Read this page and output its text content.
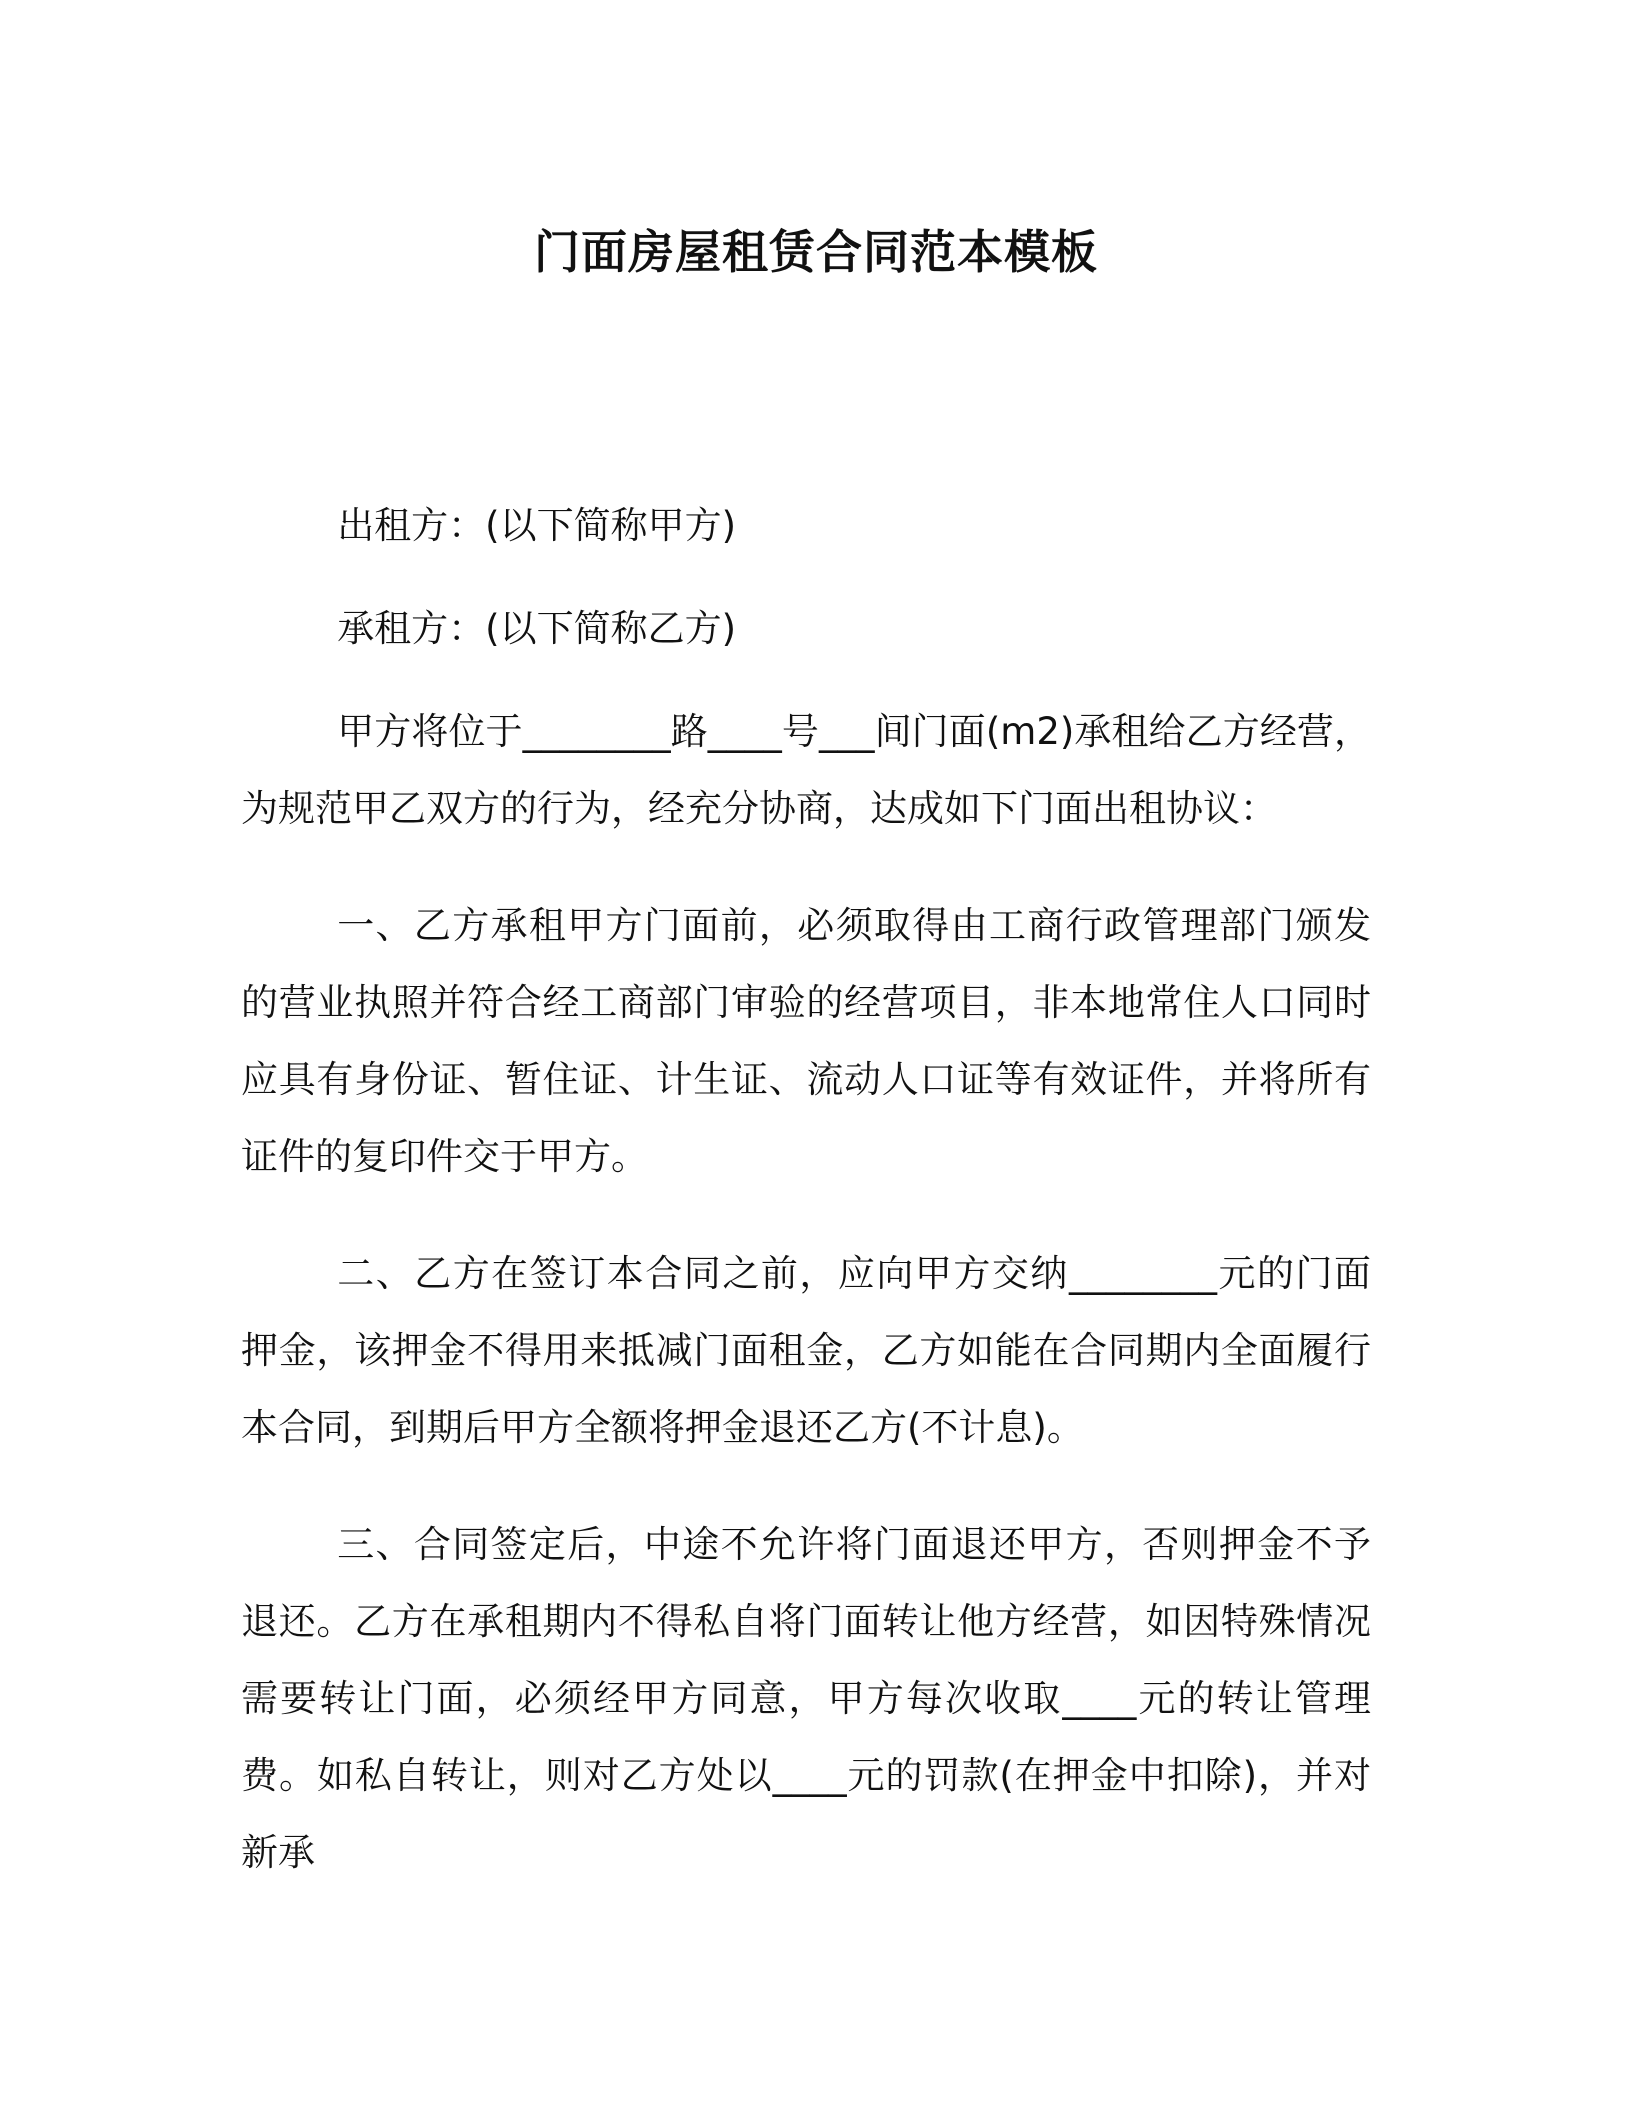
门面房屋租赁合同范本模板

出租方：(以下简称甲方)

承租方：(以下简称乙方)

甲方将位于________路____号___间门面(m2)承租给乙方经营，为规范甲乙双方的行为，经充分协商，达成如下门面出租协议：

一、乙方承租甲方门面前，必须取得由工商行政管理部门颁发的营业执照并符合经工商部门审验的经营项目，非本地常住人口同时应具有身份证、暂住证、计生证、流动人口证等有效证件，并将所有证件的复印件交于甲方。

二、乙方在签订本合同之前，应向甲方交纳________元的门面押金，该押金不得用来抵减门面租金，乙方如能在合同期内全面履行本合同，到期后甲方全额将押金退还乙方(不计息)。

三、合同签定后，中途不允许将门面退还甲方，否则押金不予退还。乙方在承租期内不得私自将门面转让他方经营，如因特殊情况需要转让门面，必须经甲方同意，甲方每次收取____元的转让管理费。如私自转让，则对乙方处以____元的罚款(在押金中扣除)，并对新承
